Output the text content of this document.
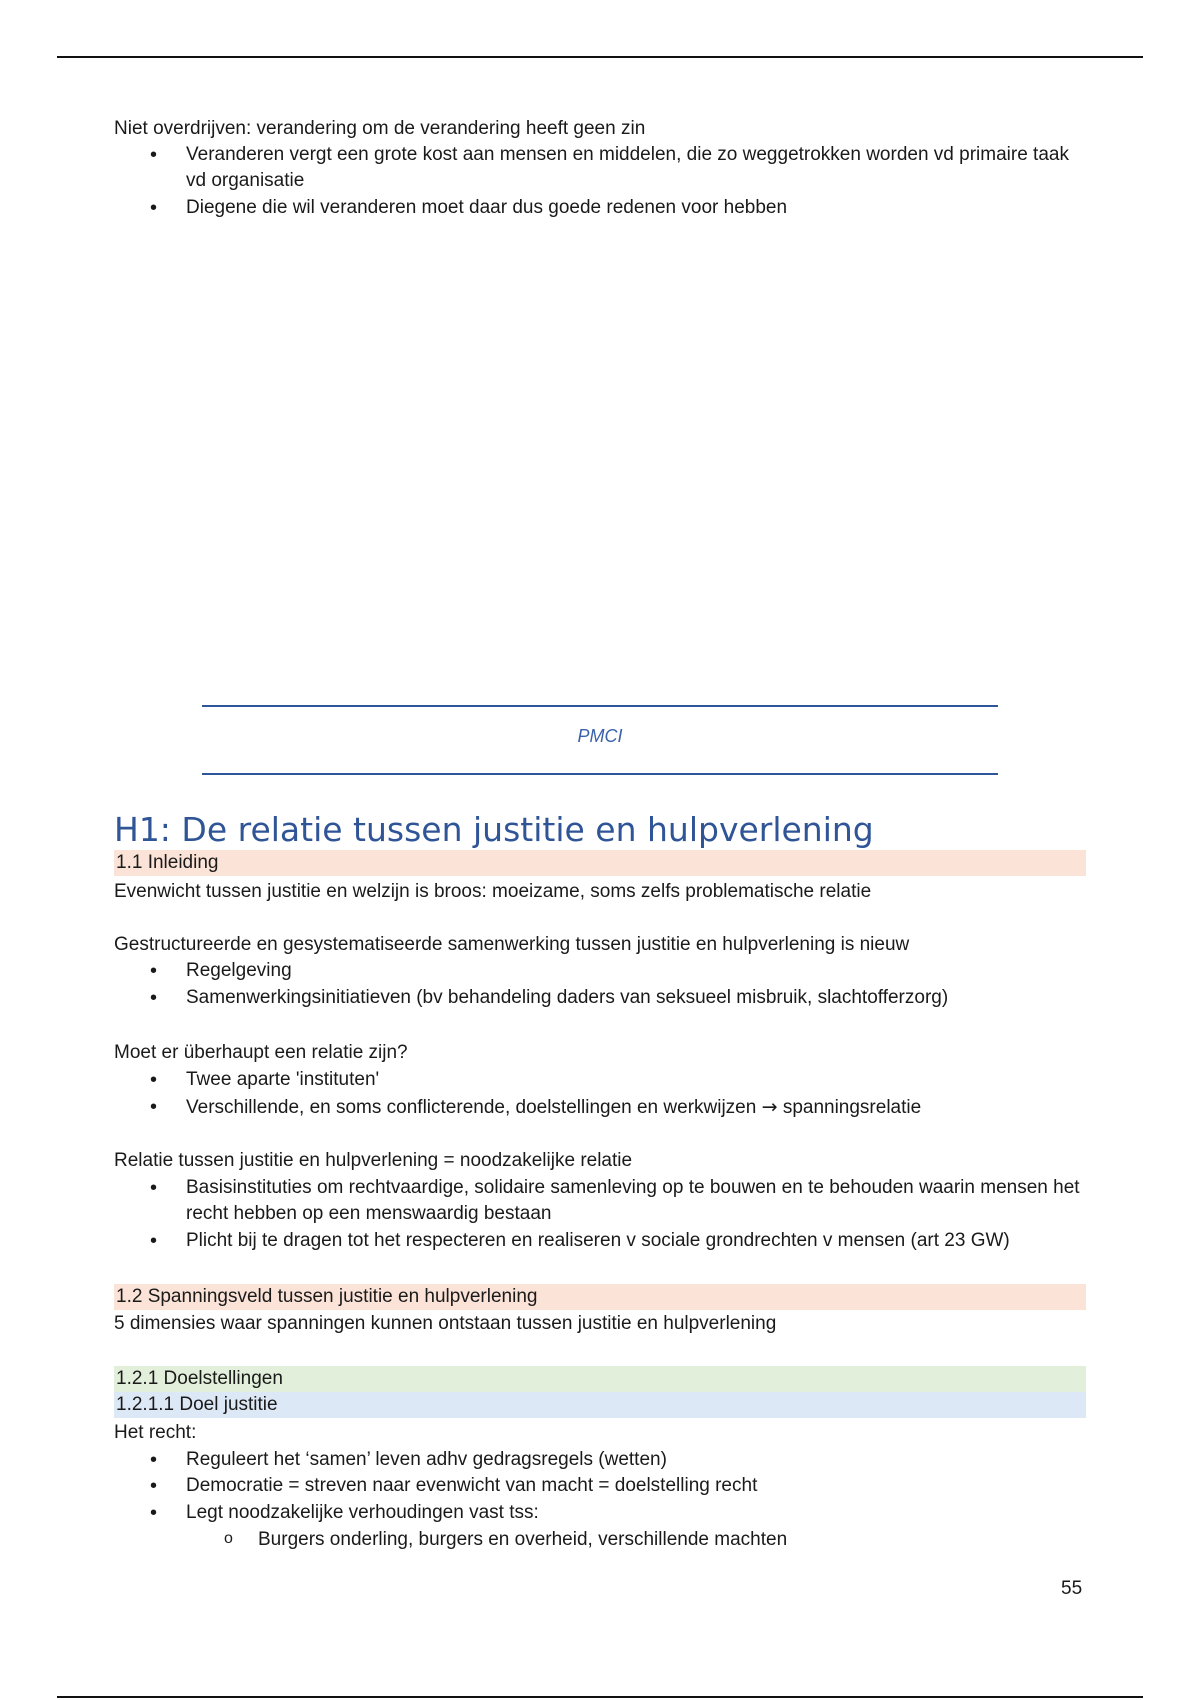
Niet overdrijven: verandering om de verandering heeft geen zin
• Veranderen vergt een grote kost aan mensen en middelen, die zo weggetrokken worden vd primaire taak vd organisatie
• Diegene die wil veranderen moet daar dus goede redenen voor hebben
PMCI
H1: De relatie tussen justitie en hulpverlening
1.1 Inleiding
Evenwicht tussen justitie en welzijn is broos: moeizame, soms zelfs problematische relatie
Gestructureerde en gesystematiseerde samenwerking tussen justitie en hulpverlening is nieuw
• Regelgeving
• Samenwerkingsinitiatieven (bv behandeling daders van seksueel misbruik, slachtofferzorg)
Moet er überhaupt een relatie zijn?
• Twee aparte 'instituten'
• Verschillende, en soms conflicterende, doelstellingen en werkwijzen → spanningsrelatie
Relatie tussen justitie en hulpverlening = noodzakelijke relatie
• Basisinstituties om rechtvaardige, solidaire samenleving op te bouwen en te behouden waarin mensen het recht hebben op een menswaardig bestaan
• Plicht bij te dragen tot het respecteren en realiseren v sociale grondrechten v mensen (art 23 GW)
1.2 Spanningsveld tussen justitie en hulpverlening
5 dimensies waar spanningen kunnen ontstaan tussen justitie en hulpverlening
1.2.1 Doelstellingen
1.2.1.1 Doel justitie
Het recht:
• Reguleert het ‘samen’ leven adhv gedragsregels (wetten)
• Democratie = streven naar evenwicht van macht = doelstelling recht
• Legt noodzakelijke verhoudingen vast tss:
o Burgers onderling, burgers en overheid, verschillende machten
55
